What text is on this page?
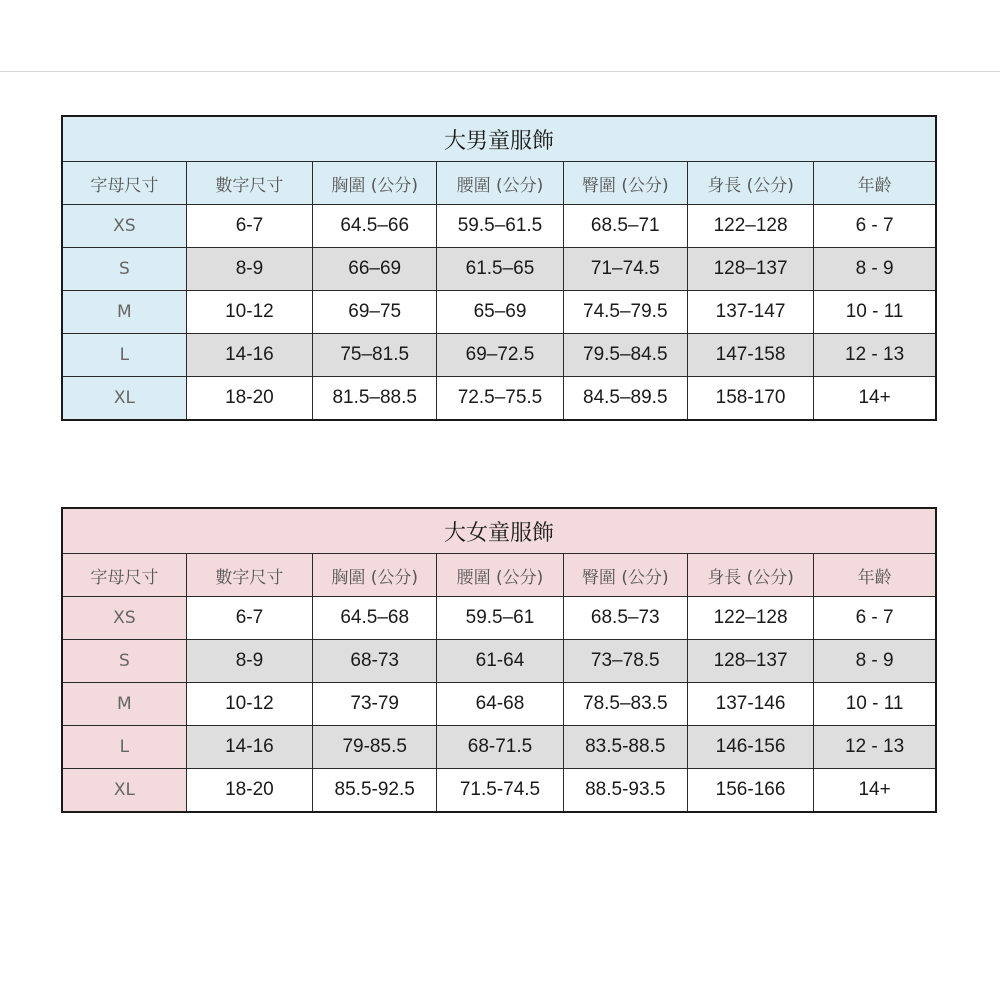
大男童服飾						
字母尺寸	數字尺寸	胸圍 (公分)	腰圍 (公分)	臀圍 (公分)	身長 (公分)	年齡
XS	6-7	64.5–66	59.5–61.5	68.5–71	122–128	6 - 7
S	8-9	66–69	61.5–65	71–74.5	128–137	8 - 9
M	10-12	69–75	65–69	74.5–79.5	137-147	10 - 11
L	14-16	75–81.5	69–72.5	79.5–84.5	147-158	12 - 13
XL	18-20	81.5–88.5	72.5–75.5	84.5–89.5	158-170	14+
大女童服飾						
字母尺寸	數字尺寸	胸圍 (公分)	腰圍 (公分)	臀圍 (公分)	身長 (公分)	年齡
XS	6-7	64.5–68	59.5–61	68.5–73	122–128	6 - 7
S	8-9	68-73	61-64	73–78.5	128–137	8 - 9
M	10-12	73-79	64-68	78.5–83.5	137-146	10 - 11
L	14-16	79-85.5	68-71.5	83.5-88.5	146-156	12 - 13
XL	18-20	85.5-92.5	71.5-74.5	88.5-93.5	156-166	14+
